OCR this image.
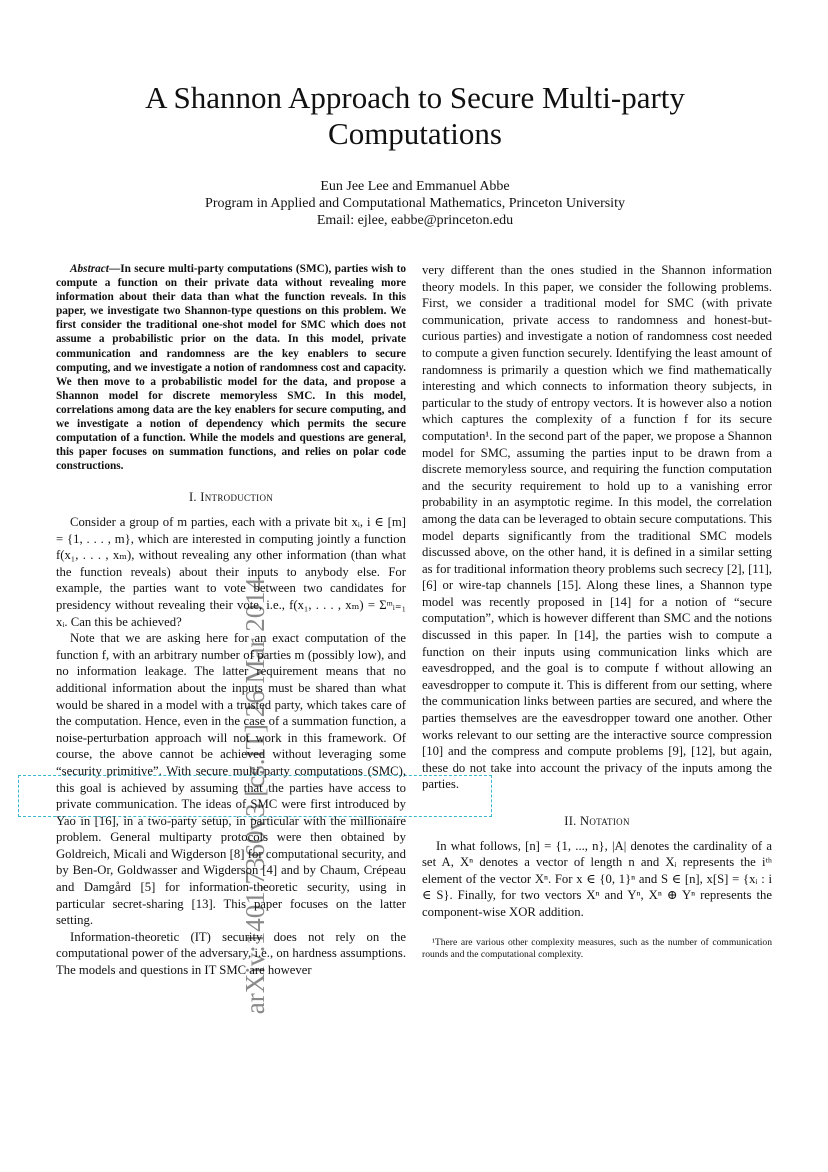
arXiv:1401.7360v3 [cs.IT] 26 Mar 2014
A Shannon Approach to Secure Multi-party Computations
Eun Jee Lee and Emmanuel Abbe
Program in Applied and Computational Mathematics, Princeton University
Email: ejlee, eabbe@princeton.edu

Abstract—In secure multi-party computations (SMC), parties wish to compute a function on their private data without revealing more information about their data than what the function reveals. In this paper, we investigate two Shannon-type questions on this problem. We first consider the traditional one-shot model for SMC which does not assume a probabilistic prior on the data. In this model, private communication and randomness are the key enablers to secure computing, and we investigate a notion of randomness cost and capacity. We then move to a probabilistic model for the data, and propose a Shannon model for discrete memoryless SMC. In this model, correlations among data are the key enablers for secure computing, and we investigate a notion of dependency which permits the secure computation of a function. While the models and questions are general, this paper focuses on summation functions, and relies on polar code constructions.

I. Introduction

Consider a group of m parties, each with a private bit xᵢ, i ∈ [m] = {1, . . . , m}, which are interested in computing jointly a function f(x₁, . . . , xₘ), without revealing any other information (than what the function reveals) about their inputs to anybody else. For example, the parties want to vote between two candidates for presidency without revealing their vote, i.e., f(x₁, . . . , xₘ) = Σᵐᵢ₌₁ xᵢ. Can this be achieved?

Note that we are asking here for an exact computation of the function f, with an arbitrary number of parties m (possibly low), and no information leakage. The latter requirement means that no additional information about the inputs must be shared than what would be shared in a model with a trusted party, which takes care of the computation. Hence, even in the case of a summation function, a noise-perturbation approach will not work in this framework. Of course, the above cannot be achieved without leveraging some “security primitive”. With secure multi-party computations (SMC), this goal is achieved by assuming that the parties have access to private communication. The ideas of SMC were first introduced by Yao in [16], in a two-party setup, in particular with the millionaire problem. General multiparty protocols were then obtained by Goldreich, Micali and Wigderson [8] for computational security, and by Ben-Or, Goldwasser and Wigderson [4] and by Chaum, Crépeau and Damgård [5] for information-theoretic security, using in particular secret-sharing [13]. This paper focuses on the latter setting.

Information-theoretic (IT) security does not rely on the computational power of the adversary, i.e., on hardness assumptions. The models and questions in IT SMC are however

very different than the ones studied in the Shannon information theory models. In this paper, we consider the following problems. First, we consider a traditional model for SMC (with private communication, private access to randomness and honest-but-curious parties) and investigate a notion of randomness cost needed to compute a given function securely. Identifying the least amount of randomness is primarily a question which we find mathematically interesting and which connects to information theory subjects, in particular to the study of entropy vectors. It is however also a notion which captures the complexity of a function f for its secure computation¹. In the second part of the paper, we propose a Shannon model for SMC, assuming the parties input to be drawn from a discrete memoryless source, and requiring the function computation and the security requirement to hold up to a vanishing error probability in an asymptotic regime. In this model, the correlation among the data can be leveraged to obtain secure computations. This model departs significantly from the traditional SMC models discussed above, on the other hand, it is defined in a similar setting as for traditional information theory problems such secrecy [2], [11], [6] or wire-tap channels [15]. Along these lines, a Shannon type model was recently proposed in [14] for a notion of “secure computation”, which is however different than SMC and the notions discussed in this paper. In [14], the parties wish to compute a function on their inputs using communication links which are eavesdropped, and the goal is to compute f without allowing an eavesdropper to compute it. This is different from our setting, where the communication links between parties are secured, and where the parties themselves are the eavesdropper toward one another. Other works relevant to our setting are the interactive source compression [10] and the compress and compute problems [9], [12], but again, these do not take into account the privacy of the inputs among the parties.

II. Notation

In what follows, [n] = {1, ..., n}, |A| denotes the cardinality of a set A, Xⁿ denotes a vector of length n and Xᵢ represents the iᵗʰ element of the vector Xⁿ. For x ∈ {0, 1}ⁿ and S ∈ [n], x[S] = {xᵢ : i ∈ S}. Finally, for two vectors Xⁿ and Yⁿ, Xⁿ ⊕ Yⁿ represents the component-wise XOR addition.

¹There are various other complexity measures, such as the number of communication rounds and the computational complexity.
